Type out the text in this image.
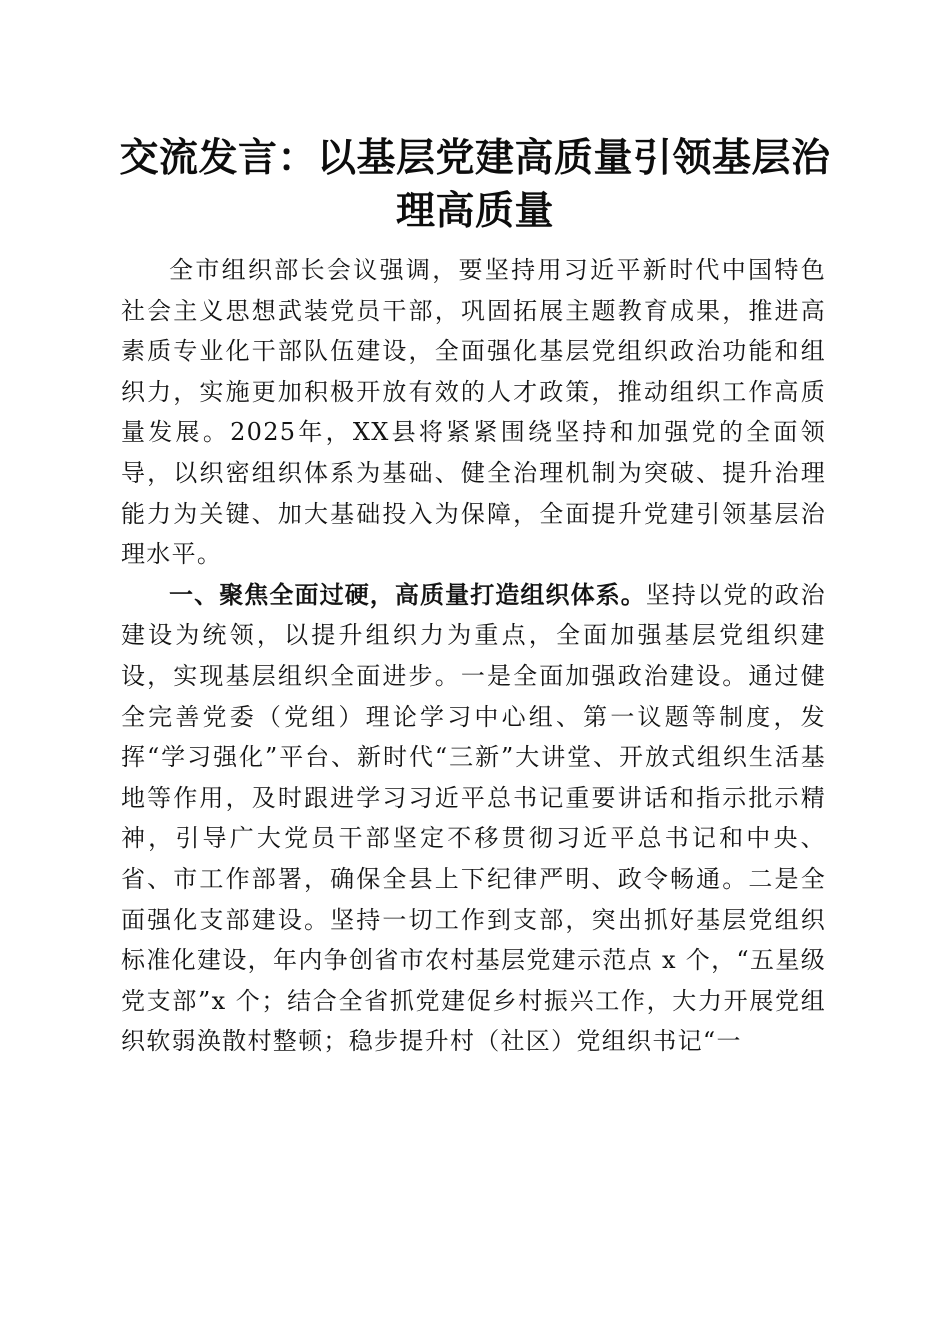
交流发言：以基层党建高质量引领基层治理高质量

全市组织部长会议强调，要坚持用习近平新时代中国特色社会主义思想武装党员干部，巩固拓展主题教育成果，推进高素质专业化干部队伍建设，全面强化基层党组织政治功能和组织力，实施更加积极开放有效的人才政策，推动组织工作高质量发展。2025年，XX县将紧紧围绕坚持和加强党的全面领导，以织密组织体系为基础、健全治理机制为突破、提升治理能力为关键、加大基础投入为保障，全面提升党建引领基层治理水平。

一、聚焦全面过硬，高质量打造组织体系。坚持以党的政治建设为统领，以提升组织力为重点，全面加强基层党组织建设，实现基层组织全面进步。一是全面加强政治建设。通过健全完善党委（党组）理论学习中心组、第一议题等制度，发挥“学习强化”平台、新时代“三新”大讲堂、开放式组织生活基地等作用，及时跟进学习习近平总书记重要讲话和指示批示精神，引导广大党员干部坚定不移贯彻习近平总书记和中央、省、市工作部署，确保全县上下纪律严明、政令畅通。二是全面强化支部建设。坚持一切工作到支部，突出抓好基层党组织标准化建设，年内争创省市农村基层党建示范点 x 个，“五星级党支部”x 个；结合全省抓党建促乡村振兴工作，大力开展党组织软弱涣散村整顿；稳步提升村（社区）党组织书记“一
